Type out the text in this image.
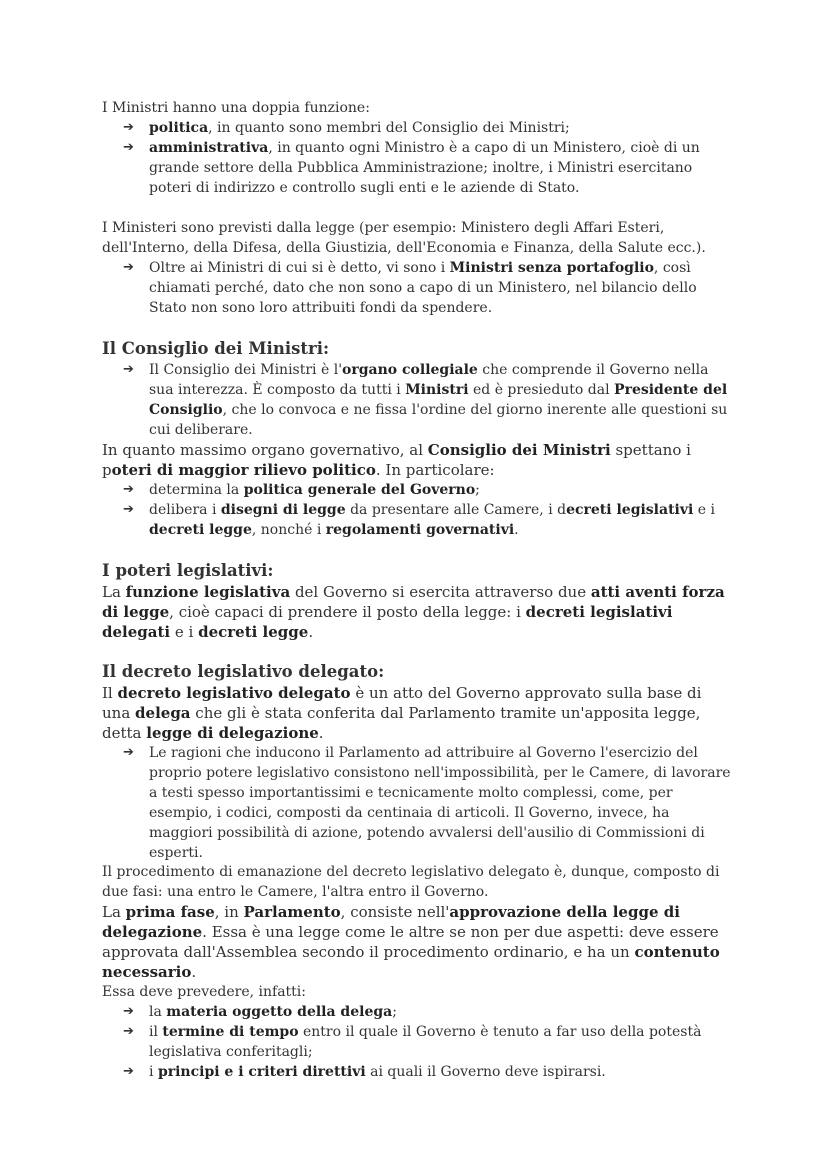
I Ministri hanno una doppia funzione:

➔ politica, in quanto sono membri del Consiglio dei Ministri;
➔ amministrativa, in quanto ogni Ministro è a capo di un Ministero, cioè di un grande settore della Pubblica Amministrazione; inoltre, i Ministri esercitano poteri di indirizzo e controllo sugli enti e le aziende di Stato.

I Ministeri sono previsti dalla legge (per esempio: Ministero degli Affari Esteri, dell'Interno, della Difesa, della Giustizia, dell'Economia e Finanza, della Salute ecc.).

➔ Oltre ai Ministri di cui si è detto, vi sono i Ministri senza portafoglio, così chiamati perché, dato che non sono a capo di un Ministero, nel bilancio dello Stato non sono loro attribuiti fondi da spendere.
Il Consiglio dei Ministri:
➔ Il Consiglio dei Ministri è l'organo collegiale che comprende il Governo nella sua interezza. È composto da tutti i Ministri ed è presieduto dal Presidente del Consiglio, che lo convoca e ne fissa l'ordine del giorno inerente alle questioni su cui deliberare.

In quanto massimo organo governativo, al Consiglio dei Ministri spettano i poteri di maggior rilievo politico. In particolare:

➔ determina la politica generale del Governo;
➔ delibera i disegni di legge da presentare alle Camere, i decreti legislativi e i decreti legge, nonché i regolamenti governativi.
I poteri legislativi:

La funzione legislativa del Governo si esercita attraverso due atti aventi forza di legge, cioè capaci di prendere il posto della legge: i decreti legislativi delegati e i decreti legge.

Il decreto legislativo delegato:

Il decreto legislativo delegato è un atto del Governo approvato sulla base di una delega che gli è stata conferita dal Parlamento tramite un'apposita legge, detta legge di delegazione.

➔ Le ragioni che inducono il Parlamento ad attribuire al Governo l'esercizio del proprio potere legislativo consistono nell'impossibilità, per le Camere, di lavorare a testi spesso importantissimi e tecnicamente molto complessi, come, per esempio, i codici, composti da centinaia di articoli. Il Governo, invece, ha maggiori possibilità di azione, potendo avvalersi dell'ausilio di Commissioni di esperti.

Il procedimento di emanazione del decreto legislativo delegato è, dunque, composto di due fasi: una entro le Camere, l'altra entro il Governo.

La prima fase, in Parlamento, consiste nell'approvazione della legge di delegazione. Essa è una legge come le altre se non per due aspetti: deve essere approvata dall'Assemblea secondo il procedimento ordinario, e ha un contenuto necessario.

Essa deve prevedere, infatti:

➔ la materia oggetto della delega;
➔ il termine di tempo entro il quale il Governo è tenuto a far uso della potestà legislativa conferitagli;
➔ i principi e i criteri direttivi ai quali il Governo deve ispirarsi.
